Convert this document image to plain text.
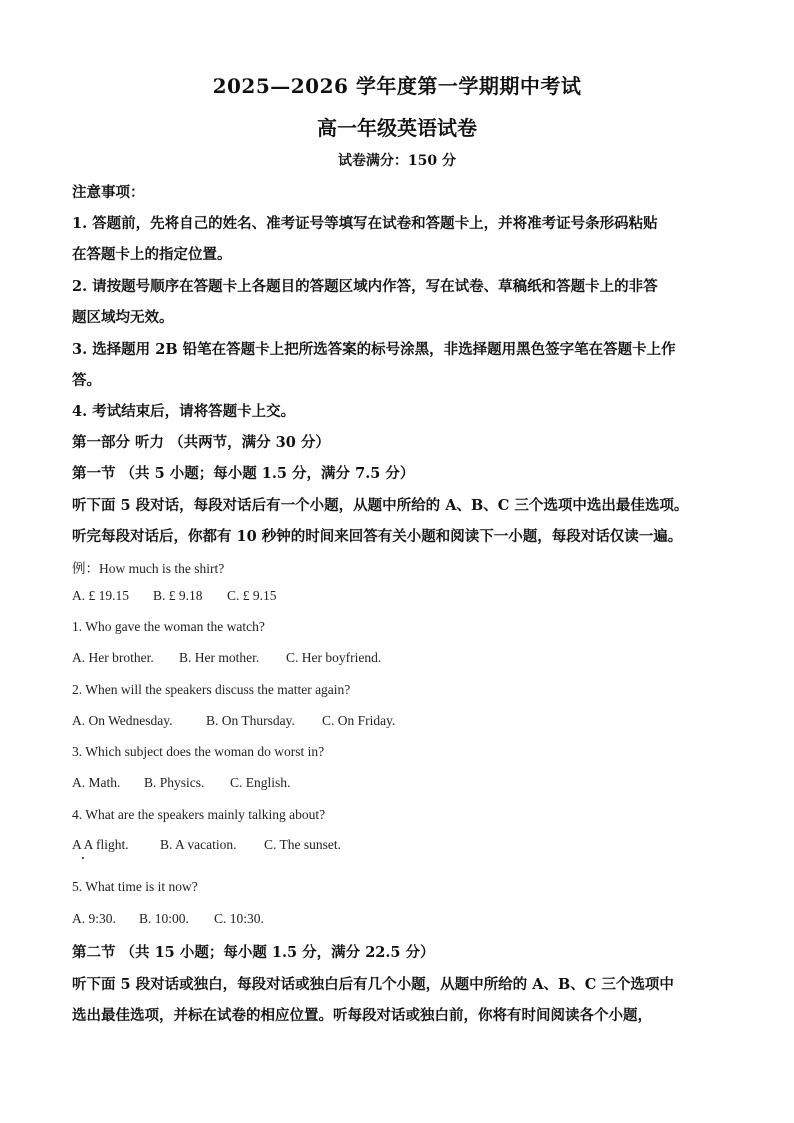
2025—2026 学年度第一学期期中考试
高一年级英语试卷
试卷满分：150 分
注意事项：
1. 答题前，先将自己的姓名、准考证号等填写在试卷和答题卡上，并将准考证号条形码粘贴
在答题卡上的指定位置。
2. 请按题号顺序在答题卡上各题目的答题区域内作答，写在试卷、草稿纸和答题卡上的非答
题区域均无效。
3. 选择题用 2B 铅笔在答题卡上把所选答案的标号涂黑，非选择题用黑色签字笔在答题卡上作
答。
4. 考试结束后，请将答题卡上交。
第一部分 听力 （共两节，满分 30 分）
第一节 （共 5 小题；每小题 1.5 分，满分 7.5 分）
听下面 5 段对话，每段对话后有一个小题，从题中所给的 A、B、C 三个选项中选出最佳选项。
听完每段对话后，你都有 10 秒钟的时间来回答有关小题和阅读下一小题，每段对话仅读一遍。
例：How much is the shirt?
A. £ 19.15 B. £ 9.18 C. £ 9.15
1. Who gave the woman the watch?
A. Her brother. B. Her mother. C. Her boyfriend.
2. When will the speakers discuss the matter again?
A. On Wednesday. B. On Thursday. C. On Friday.
3. Which subject does the woman do worst in?
A. Math. B. Physics. C. English.
4. What are the speakers mainly talking about?
A A flight. B. A vacation. C. The sunset.
5. What time is it now?
A. 9:30. B. 10:00. C. 10:30.
第二节 （共 15 小题；每小题 1.5 分，满分 22.5 分）
听下面 5 段对话或独白，每段对话或独白后有几个小题，从题中所给的 A、B、C 三个选项中
选出最佳选项，并标在试卷的相应位置。听每段对话或独白前，你将有时间阅读各个小题，
